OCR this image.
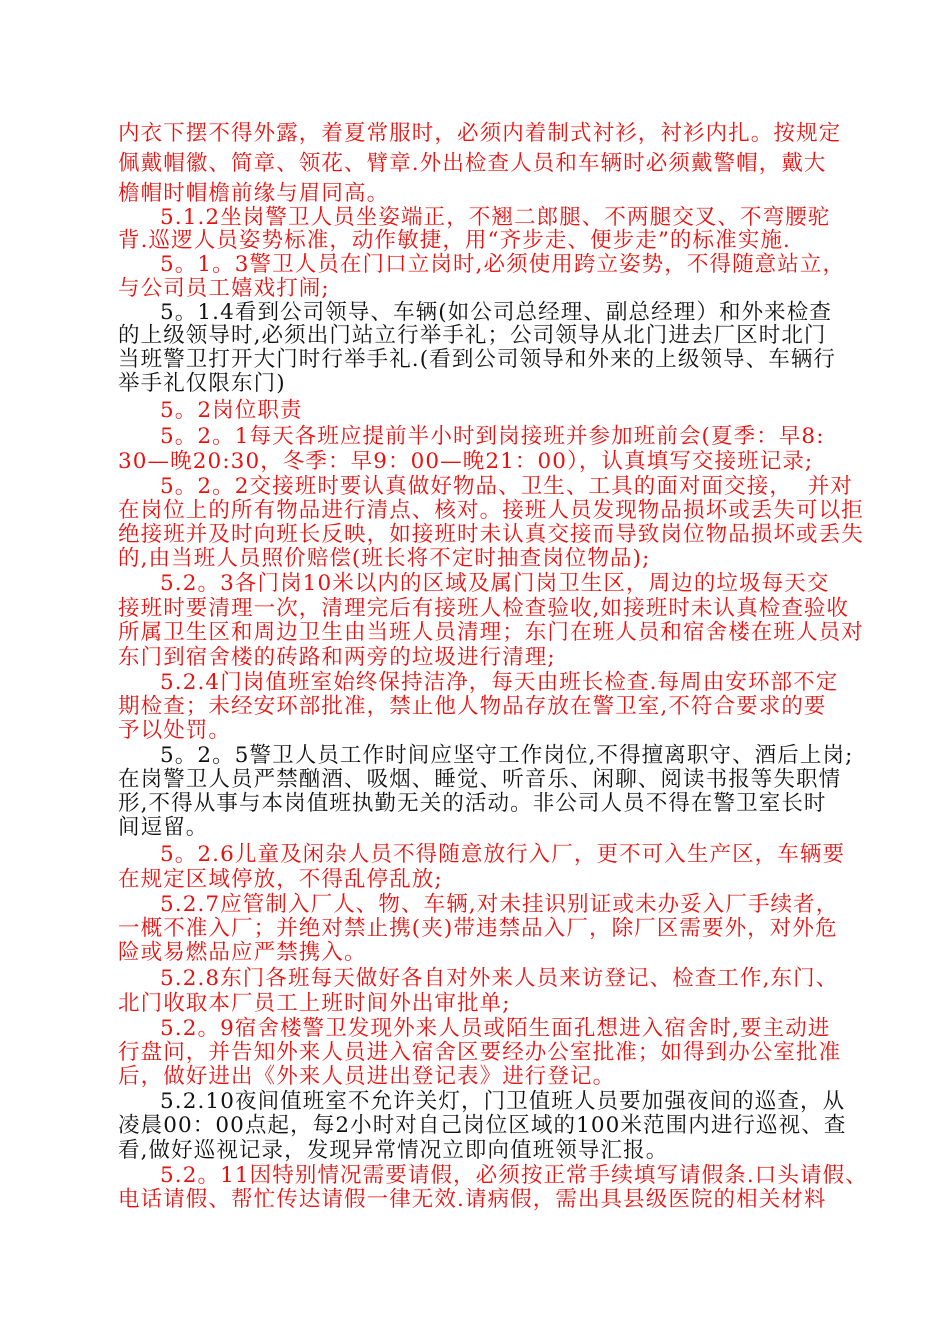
内衣下摆不得外露，着夏常服时，必须内着制式衬衫，衬衫内扎。按规定
佩戴帽徽、简章、领花、臂章.外出检查人员和车辆时必须戴警帽，戴大
檐帽时帽檐前缘与眉同高。
5.1.2坐岗警卫人员坐姿端正，不翘二郎腿、不两腿交叉、不弯腰驼
背.巡逻人员姿势标准，动作敏捷，用“齐步走、便步走”的标准实施.
5。1。3警卫人员在门口立岗时,必须使用跨立姿势，不得随意站立，
与公司员工嬉戏打闹;
5。1.4看到公司领导、车辆(如公司总经理、副总经理）和外来检查
的上级领导时,必须出门站立行举手礼；公司领导从北门进去厂区时北门
当班警卫打开大门时行举手礼.(看到公司领导和外来的上级领导、车辆行
举手礼仅限东门)
5。2岗位职责
5。2。1每天各班应提前半小时到岗接班并参加班前会(夏季：早8:
30—晚20:30，冬季：早9：00—晚21：00），认真填写交接班记录;
5。2。2交接班时要认真做好物品、卫生、工具的面对面交接，  并对
在岗位上的所有物品进行清点、核对。接班人员发现物品损坏或丢失可以拒
绝接班并及时向班长反映，如接班时未认真交接而导致岗位物品损坏或丢失
的,由当班人员照价赔偿(班长将不定时抽查岗位物品);
5.2。3各门岗10米以内的区域及属门岗卫生区，周边的垃圾每天交
接班时要清理一次，清理完后有接班人检查验收,如接班时未认真检查验收
所属卫生区和周边卫生由当班人员清理；东门在班人员和宿舍楼在班人员对
东门到宿舍楼的砖路和两旁的垃圾进行清理;
5.2.4门岗值班室始终保持洁净，每天由班长检查.每周由安环部不定
期检查；未经安环部批准，禁止他人物品存放在警卫室,不符合要求的要
予以处罚。
5。2。5警卫人员工作时间应坚守工作岗位,不得擅离职守、酒后上岗;
在岗警卫人员严禁酗酒、吸烟、睡觉、听音乐、闲聊、阅读书报等失职情
形,不得从事与本岗值班执勤无关的活动。非公司人员不得在警卫室长时
间逗留。
5。2.6儿童及闲杂人员不得随意放行入厂，更不可入生产区，车辆要
在规定区域停放，不得乱停乱放;
5.2.7应管制入厂人、物、车辆,对未挂识别证或未办妥入厂手续者，
一概不准入厂；并绝对禁止携(夹)带违禁品入厂，除厂区需要外，对外危
险或易燃品应严禁携入。
5.2.8东门各班每天做好各自对外来人员来访登记、检查工作,东门、
北门收取本厂员工上班时间外出审批单;
5.2。9宿舍楼警卫发现外来人员或陌生面孔想进入宿舍时,要主动进
行盘问，并告知外来人员进入宿舍区要经办公室批准；如得到办公室批准
后，做好进出《外来人员进出登记表》进行登记。
5.2.10夜间值班室不允许关灯，门卫值班人员要加强夜间的巡查，从
凌晨00：00点起，每2小时对自己岗位区域的100米范围内进行巡视、查
看,做好巡视记录，发现异常情况立即向值班领导汇报。
5.2。11因特别情况需要请假，必须按正常手续填写请假条.口头请假、
电话请假、帮忙传达请假一律无效.请病假，需出具县级医院的相关材料
